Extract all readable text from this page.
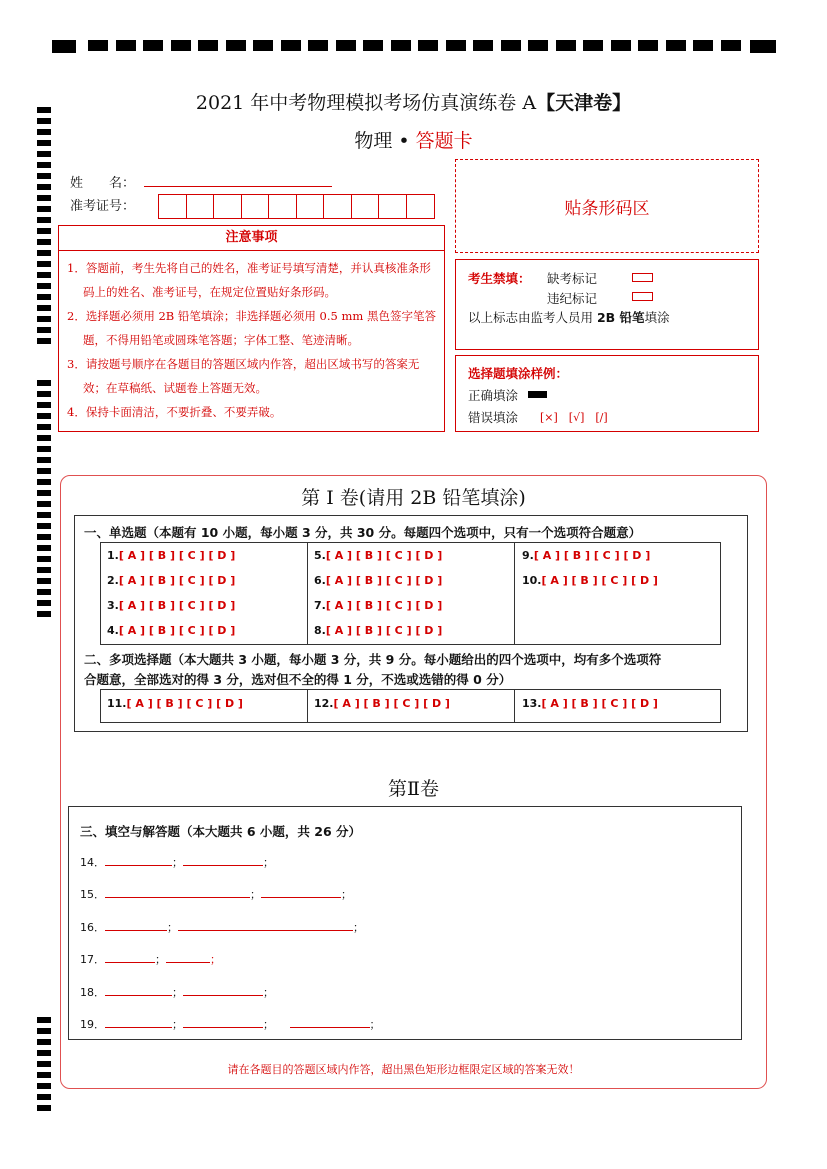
2021 年中考物理模拟考场仿真演练卷 A【天津卷】
物理 • 答题卡
姓　　名：
准考证号：	贴条形码区
注意事项
1．答题前，考生先将自己的姓名，准考证号填写清楚，并认真核准条形码上的姓名、准考证号，在规定位置贴好条形码。
2．选择题必须用 2B 铅笔填涂；非选择题必须用 0.5 mm 黑色签字笔答题，不得用铅笔或圆珠笔答题；字体工整、笔迹清晰。
3．请按题号顺序在各题目的答题区域内作答，超出区域书写的答案无效；在草稿纸、试题卷上答题无效。
4．保持卡面清洁，不要折叠、不要弄破。
考生禁填： 缺考标记
违纪标记
以上标志由监考人员用 2B 铅笔填涂
选择题填涂样例：
正确填涂
错误填涂 [×]　[√]　[/]
第 I 卷(请用 2B 铅笔填涂)
一、单选题（本题有 10 小题，每小题 3 分，共 30 分。每题四个选项中，只有一个选项符合题意）
1.[ A ] [ B ] [ C ] [ D ]
2.[ A ] [ B ] [ C ] [ D ]
3.[ A ] [ B ] [ C ] [ D ]
4.[ A ] [ B ] [ C ] [ D ]
5.[ A ] [ B ] [ C ] [ D ]
6.[ A ] [ B ] [ C ] [ D ]
7.[ A ] [ B ] [ C ] [ D ]
8.[ A ] [ B ] [ C ] [ D ]
9.[ A ] [ B ] [ C ] [ D ]
10.[ A ] [ B ] [ C ] [ D ]
二、多项选择题（本大题共 3 小题，每小题 3 分，共 9 分。每小题给出的四个选项中，均有多个选项符
合题意，全部选对的得 3 分，选对但不全的得 1 分，不选或选错的得 0 分）
11.[ A ] [ B ] [ C ] [ D ]	12.[ A ] [ B ] [ C ] [ D ]	13.[ A ] [ B ] [ C ] [ D ]
第Ⅱ卷
三、填空与解答题（本大题共 6 小题，共 26 分）
14．	；	；
15．	；	；
16．	；	；
17．	；	；
18．	；	；
19．	；	；	；
请在各题目的答题区域内作答，超出黑色矩形边框限定区域的答案无效！
